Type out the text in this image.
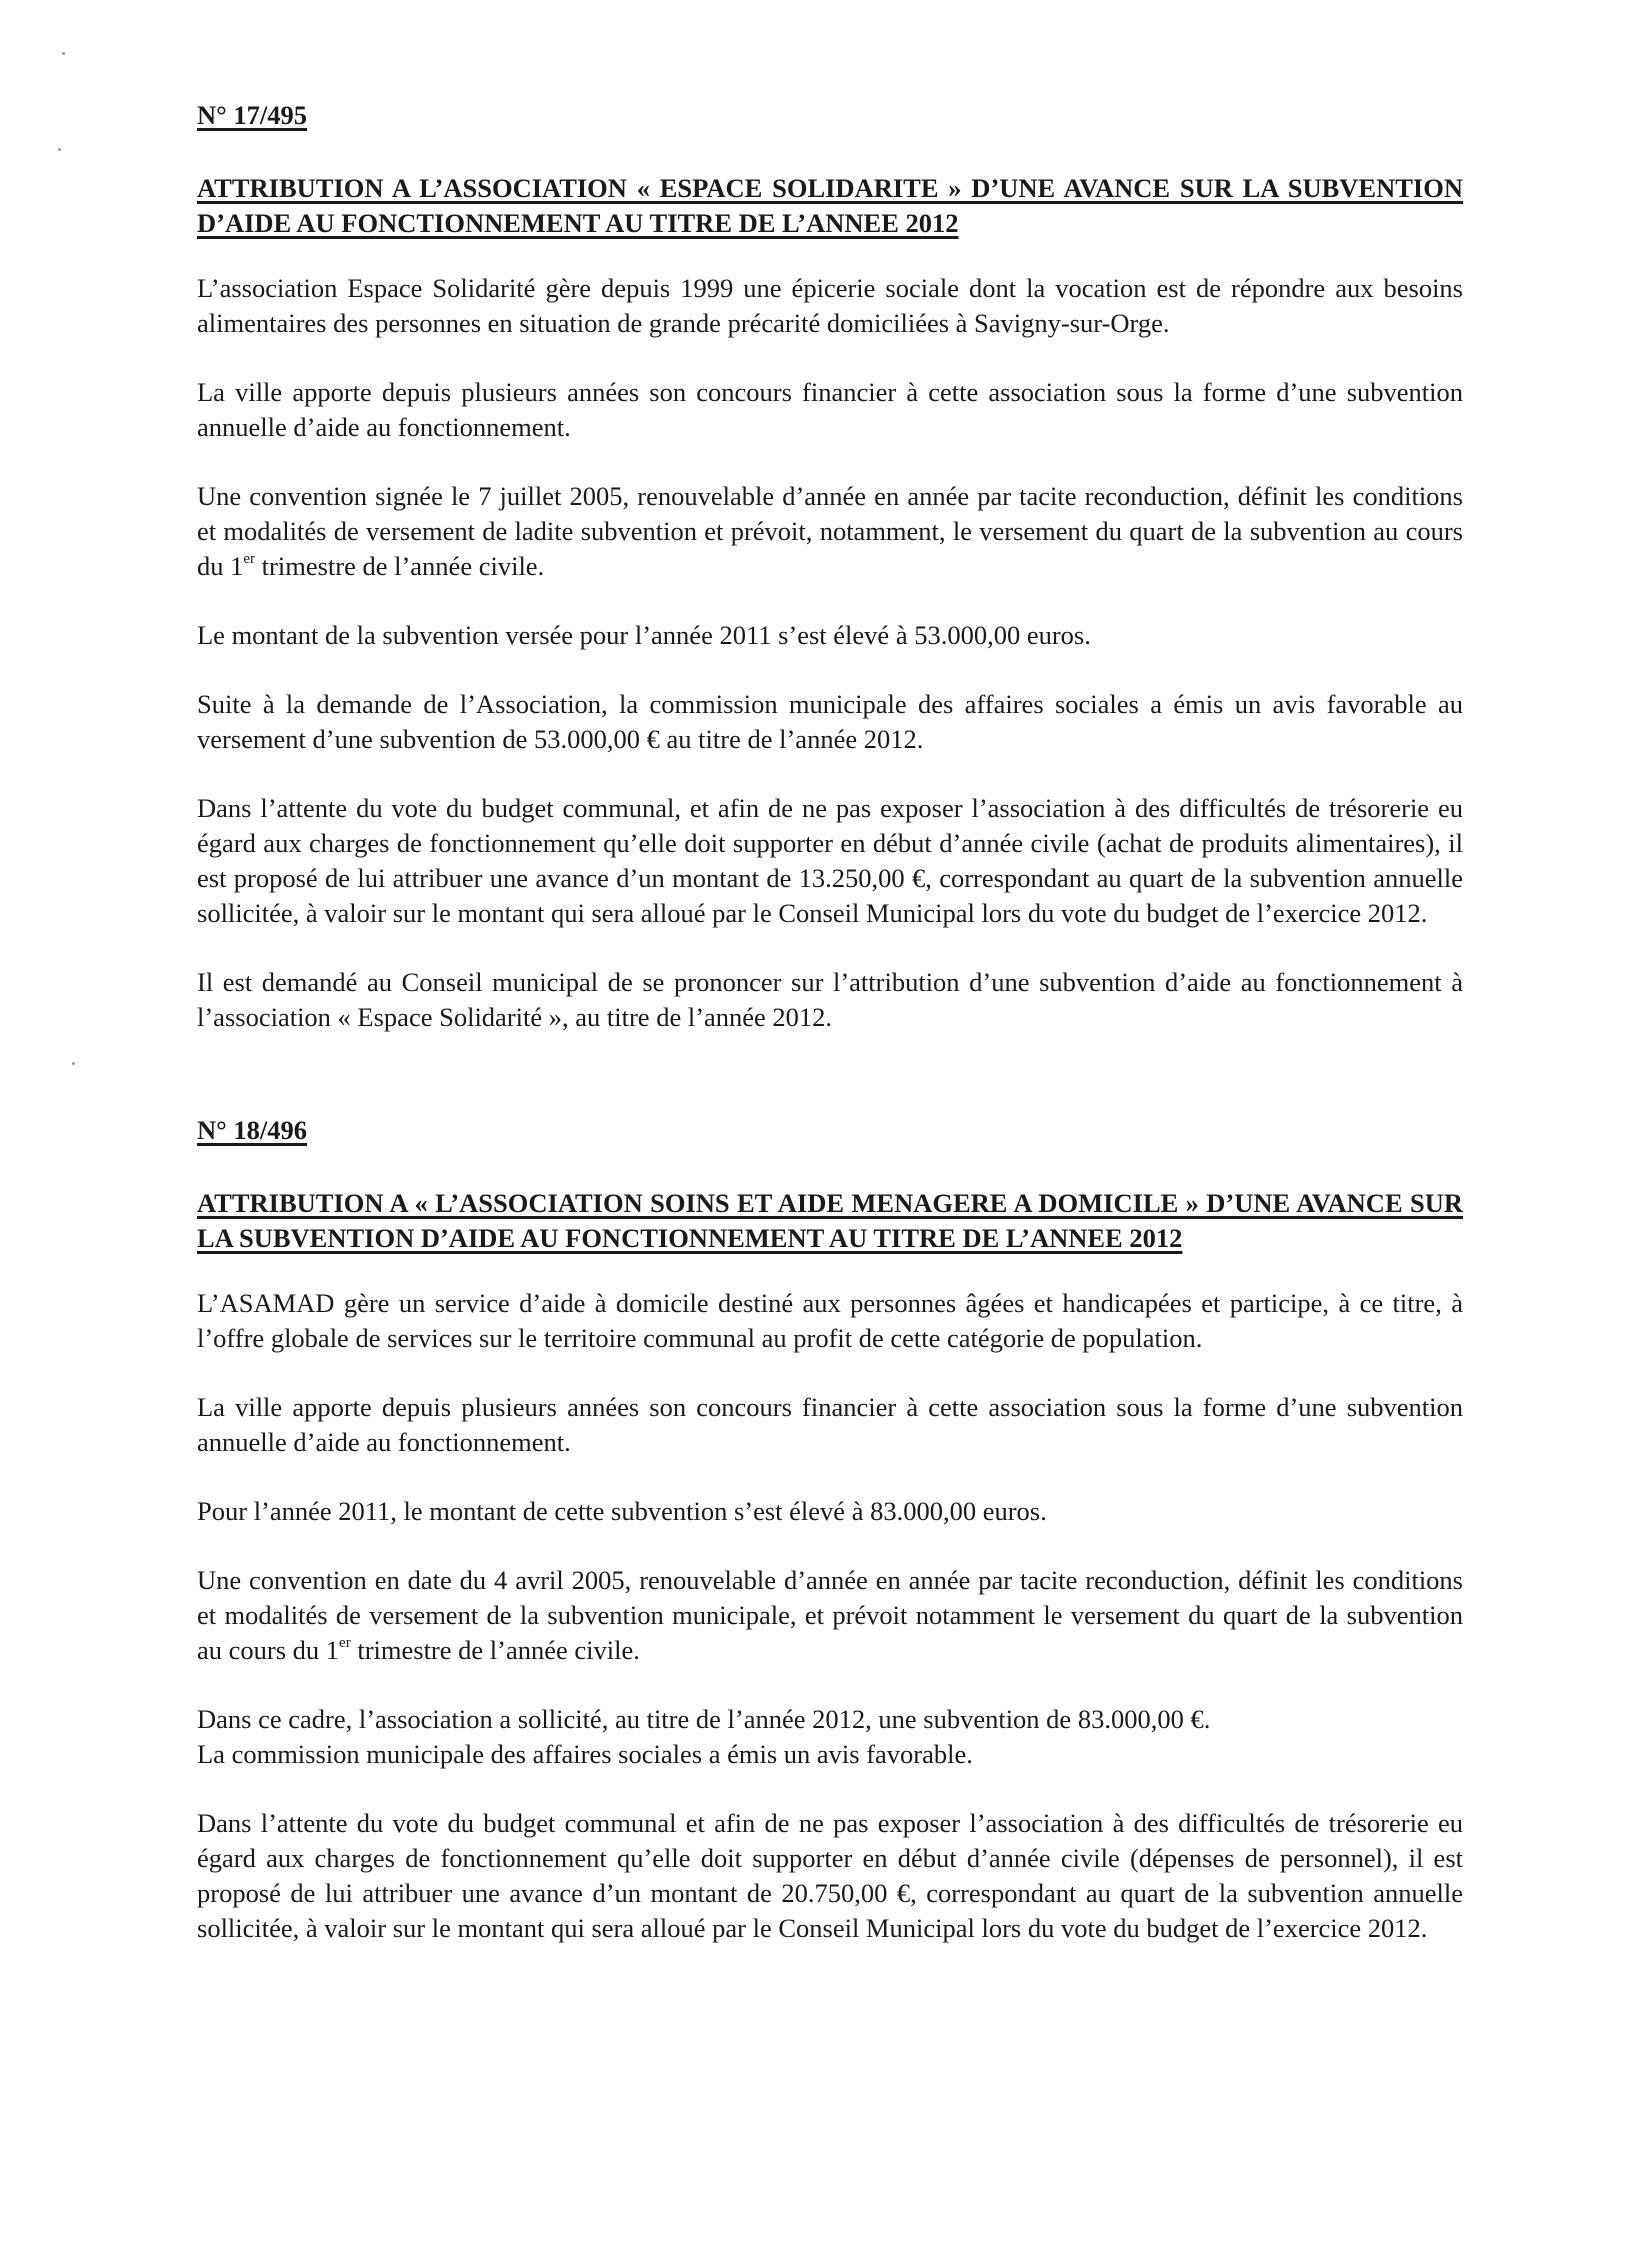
N° 17/495
ATTRIBUTION A L’ASSOCIATION « ESPACE SOLIDARITE » D’UNE AVANCE SUR LA SUBVENTION D’AIDE AU FONCTIONNEMENT AU TITRE DE L’ANNEE 2012

L’association Espace Solidarité gère depuis 1999 une épicerie sociale dont la vocation est de répondre aux besoins alimentaires des personnes en situation de grande précarité domiciliées à Savigny-sur-Orge.

La ville apporte depuis plusieurs années son concours financier à cette association sous la forme d’une subvention annuelle d’aide au fonctionnement.

Une convention signée le 7 juillet 2005, renouvelable d’année en année par tacite reconduction, définit les conditions et modalités de versement de ladite subvention et prévoit, notamment, le versement du quart de la subvention au cours du 1er trimestre de l’année civile.

Le montant de la subvention versée pour l’année 2011 s’est élevé à 53.000,00 euros.

Suite à la demande de l’Association, la commission municipale des affaires sociales a émis un avis favorable au versement d’une subvention de 53.000,00 € au titre de l’année 2012.

Dans l’attente du vote du budget communal, et afin de ne pas exposer l’association à des difficultés de trésorerie eu égard aux charges de fonctionnement qu’elle doit supporter en début d’année civile (achat de produits alimentaires), il est proposé de lui attribuer une avance d’un montant de 13.250,00 €, correspondant au quart de la subvention annuelle sollicitée, à valoir sur le montant qui sera alloué par le Conseil Municipal lors du vote du budget de l’exercice 2012.

Il est demandé au Conseil municipal de se prononcer sur l’attribution d’une subvention d’aide au fonctionnement à l’association « Espace Solidarité », au titre de l’année 2012.

N° 18/496
ATTRIBUTION A « L’ASSOCIATION SOINS ET AIDE MENAGERE A DOMICILE » D’UNE AVANCE SUR LA SUBVENTION D’AIDE AU FONCTIONNEMENT AU TITRE DE L’ANNEE 2012

L’ASAMAD gère un service d’aide à domicile destiné aux personnes âgées et handicapées et participe, à ce titre, à l’offre globale de services sur le territoire communal au profit de cette catégorie de population.

La ville apporte depuis plusieurs années son concours financier à cette association sous la forme d’une subvention annuelle d’aide au fonctionnement.

Pour l’année 2011, le montant de cette subvention s’est élevé à 83.000,00 euros.

Une convention en date du 4 avril 2005, renouvelable d’année en année par tacite reconduction, définit les conditions et modalités de versement de la subvention municipale, et prévoit notamment le versement du quart de la subvention au cours du 1er trimestre de l’année civile.

Dans ce cadre, l’association a sollicité, au titre de l’année 2012, une subvention de 83.000,00 €.

La commission municipale des affaires sociales a émis un avis favorable.

Dans l’attente du vote du budget communal et afin de ne pas exposer l’association à des difficultés de trésorerie eu égard aux charges de fonctionnement qu’elle doit supporter en début d’année civile (dépenses de personnel), il est proposé de lui attribuer une avance d’un montant de 20.750,00 €, correspondant au quart de la subvention annuelle sollicitée, à valoir sur le montant qui sera alloué par le Conseil Municipal lors du vote du budget de l’exercice 2012.
